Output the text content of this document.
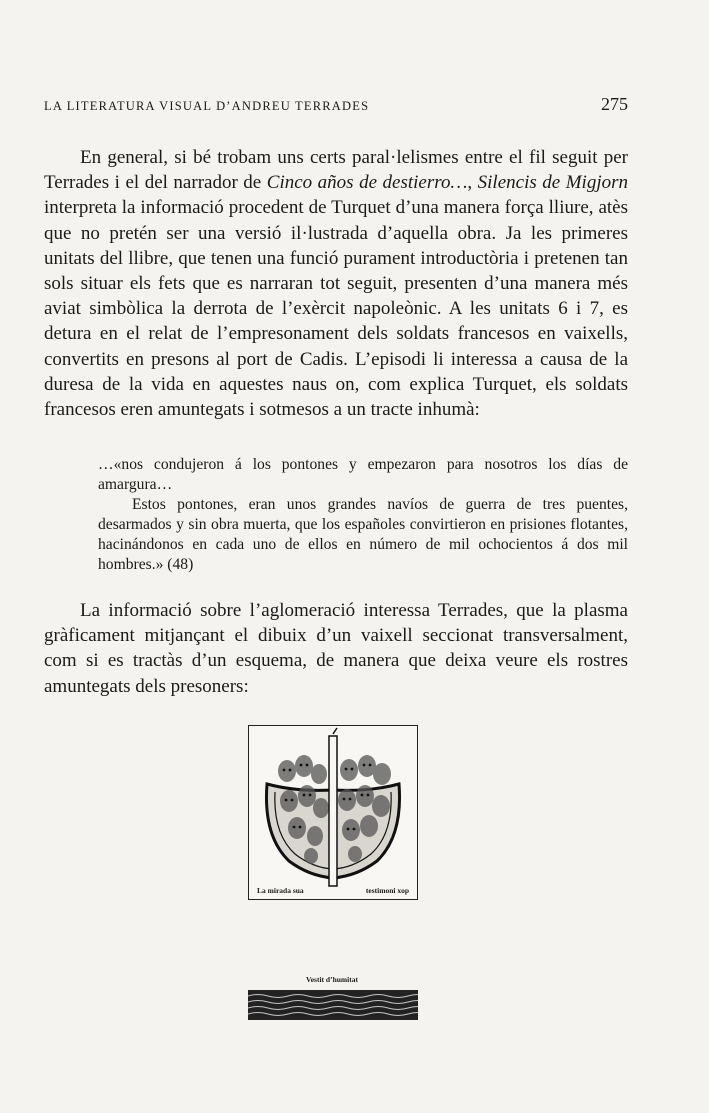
LA LITERATURA VISUAL D’ANDREU TERRADES	275

En general, si bé trobam uns certs paral·lelismes entre el fil seguit per Terrades i el del narrador de Cinco años de destierro…, Silencis de Migjorn interpreta la informació procedent de Turquet d’una manera força lliure, atès que no pretén ser una versió il·lustrada d’aquella obra. Ja les primeres unitats del llibre, que tenen una funció purament introductòria i pretenen tan sols situar els fets que es narraran tot seguit, presenten d’una manera més aviat simbòlica la derrota de l’exèrcit napoleònic. A les unitats 6 i 7, es detura en el relat de l’empresonament dels soldats francesos en vaixells, convertits en presons al port de Cadis. L’episodi li interessa a causa de la duresa de la vida en aquestes naus on, com explica Turquet, els soldats francesos eren amuntegats i sotmesos a un tracte inhumà:

…«nos condujeron á los pontones y empezaron para nosotros los días de amargura…

Estos pontones, eran unos grandes navíos de guerra de tres puentes, desarmados y sin obra muerta, que los españoles convirtieron en prisiones flotantes, hacinándonos en cada uno de ellos en número de mil ochocientos á dos mil hombres.» (48)

La informació sobre l’aglomeració interessa Terrades, que la plasma gràficament mitjançant el dibuix d’un vaixell seccionat transversalment, com si es tractàs d’un esquema, de manera que deixa veure els rostres amuntegats dels presoners:

La mirada sua	testimoni xop
Vestit d’humitat
